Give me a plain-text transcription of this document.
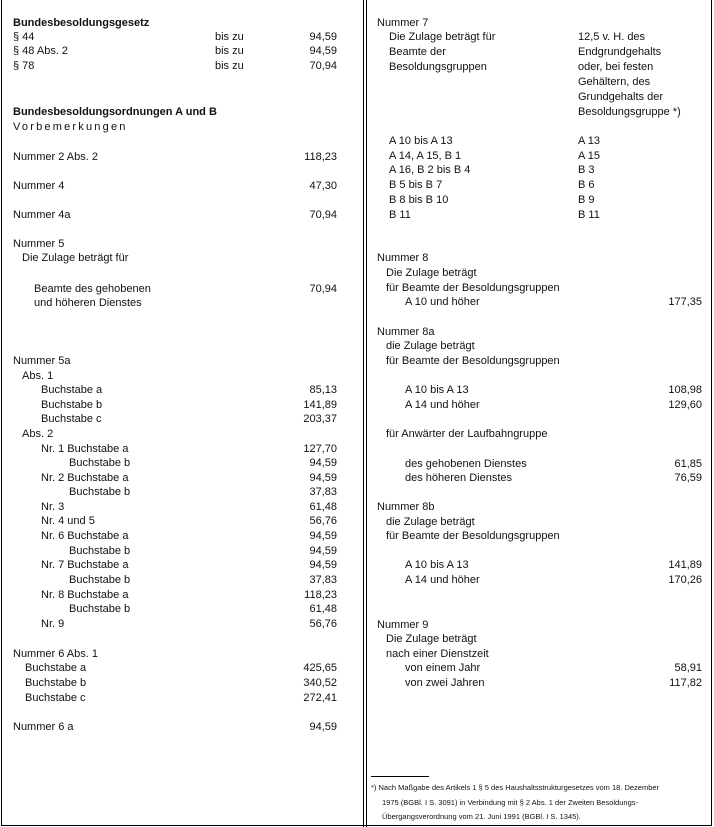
Bundesbesoldungsgesetz
§ 44	bis zu	94,59
§ 48 Abs. 2	bis zu	94,59
§ 78	bis zu	70,94
Bundesbesoldungsordnungen A und B
Vorbemerkungen
Nummer 2 Abs. 2	118,23
Nummer 4	47,30
Nummer 4a	70,94
Nummer 5
Die Zulage beträgt für
Beamte des gehobenen	70,94
und höheren Dienstes
Nummer 5a
Abs. 1
Buchstabe a	85,13
Buchstabe b	141,89
Buchstabe c	203,37
Abs. 2
Nr. 1 Buchstabe a	127,70
Buchstabe b	94,59
Nr. 2 Buchstabe a	94,59
Buchstabe b	37,83
Nr. 3	61,48
Nr. 4 und 5	56,76
Nr. 6 Buchstabe a	94,59
Buchstabe b	94,59
Nr. 7 Buchstabe a	94,59
Buchstabe b	37,83
Nr. 8 Buchstabe a	118,23
Buchstabe b	61,48
Nr. 9	56,76
Nummer 6 Abs. 1
Buchstabe a	425,65
Buchstabe b	340,52
Buchstabe c	272,41
Nummer 6 a	94,59
Nummer 7
Die Zulage beträgt für
Beamte der
Besoldungsgruppen
12,5 v. H. des
Endgrundgehalts
oder, bei festen
Gehältern, des
Grundgehalts der
Besoldungsgruppe *)
A 10 bis A 13	A 13
A 14, A 15, B 1	A 15
A 16, B 2 bis B 4	B 3
B 5 bis B 7	B 6
B 8 bis B 10	B 9
B 11	B 11
Nummer 8
Die Zulage beträgt
für Beamte der Besoldungsgruppen
A 10 und höher	177,35
Nummer 8a
die Zulage beträgt
für Beamte der Besoldungsgruppen
A 10 bis A 13	108,98
A 14 und höher	129,60
für Anwärter der Laufbahngruppe
des gehobenen Dienstes	61,85
des höheren Dienstes	76,59
Nummer 8b
die Zulage beträgt
für Beamte der Besoldungsgruppen
A 10 bis A 13	141,89
A 14 und höher	170,26
Nummer 9
Die Zulage beträgt
nach einer Dienstzeit
von einem Jahr	58,91
von zwei Jahren	117,82
*) Nach Maßgabe des Artikels 1 § 5 des Haushaltsstrukturgesetzes vom 18. Dezember
1975 (BGBl. I S. 3091) in Verbindung mit § 2 Abs. 1 der Zweiten Besoldungs-
Übergangsverordnung vom 21. Juni 1991 (BGBl. I S. 1345).
